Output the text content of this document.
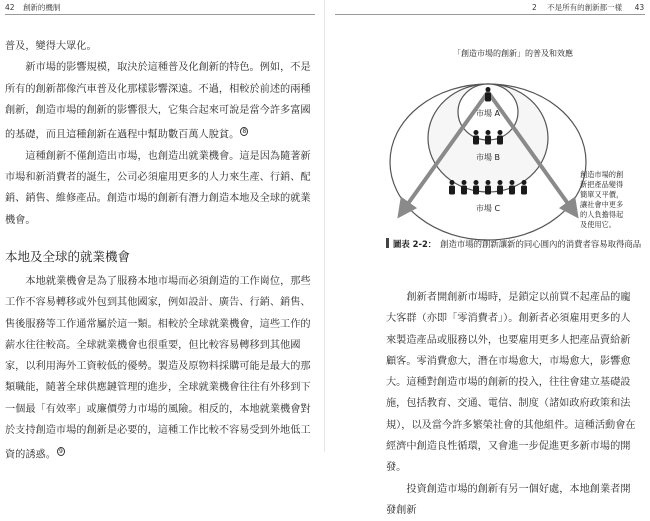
42 創新的機制

普及，變得大眾化。

新市場的影響規模，取決於這種普及化創新的特色。例如，不是所有的創新都像汽車普及化那樣影響深遠。不過，相較於前述的兩種創新，創造市場的創新的影響很大，它集合起來可說是當今許多富國的基礎，而且這種創新在過程中幫助數百萬人脫貧。 $^8$

這種創新不僅創造出市場，也創造出就業機會。這是因為隨著新市場和新消費者的誕生，公司必須雇用更多的人力來生產、行銷、配銷、銷售、維修產品。創造市場的創新有潛力創造本地及全球的就業機會。

本地及全球的就業機會

本地就業機會是為了服務本地市場而必須創造的工作崗位，那些工作不容易轉移或外包到其他國家，例如設計、廣告、行銷、銷售、售後服務等工作通常屬於這一類。相較於全球就業機會，這些工作的薪水往往較高。全球就業機會也很重要，但比較容易轉移到其他國家，以利用海外工資較低的優勢。製造及原物料採購可能是最大的那類職能，隨著全球供應鏈管理的進步，全球就業機會往往有外移到下一個最「有效率」或廉價勞力市場的風險。相反的，本地就業機會對於支持創造市場的創新是必要的，這種工作比較不容易受到外地低工資的誘惑。 $^9$

2 不是所有的創新都一樣 43
「創造市場的創新」的普及和效應
市場 A
市場 B
市場 C
創造市場的創新把產品變得簡單又平價，讓社會中更多的人負擔得起及使用它。
圖表 2-2： 創造市場的創新讓新的同心圓內的消費者容易取得商品

創新者開創新市場時，是鎖定以前買不起產品的龐大客群（亦即「零消費者」）。創新者必須雇用更多的人來製造產品或服務以外，也要雇用更多人把產品賣給新顧客。零消費愈大，潛在市場愈大，市場愈大，影響愈大。這種對創造市場的創新的投入，往往會建立基礎設施，包括教育、交通、電信、制度（諸如政府政策和法規），以及當今許多繁榮社會的其他組件。這種活動會在經濟中創造良性循環，又會進一步促進更多新市場的開發。

投資創造市場的創新有另一個好處，本地創業者開發創新
